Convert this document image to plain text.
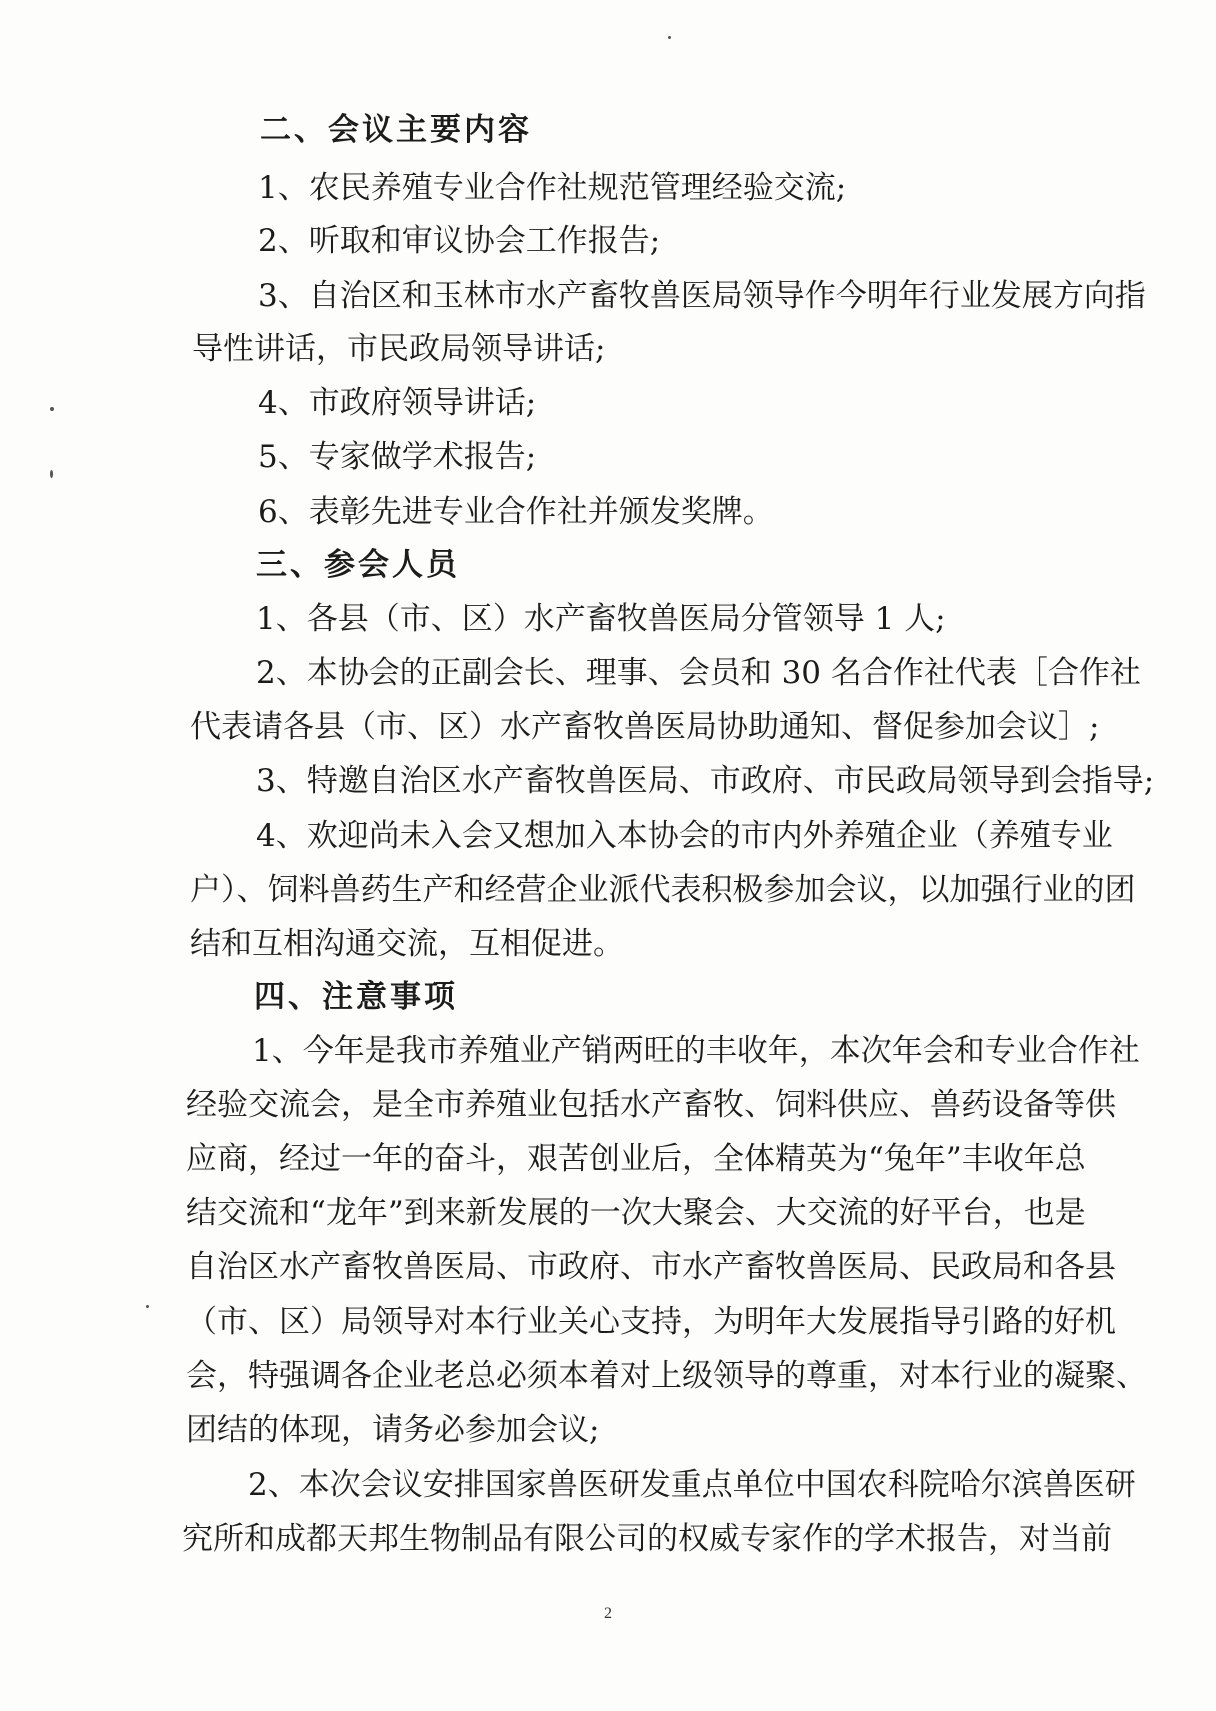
二、会议主要内容
1、农民养殖专业合作社规范管理经验交流;
2、听取和审议协会工作报告;
3、自治区和玉林市水产畜牧兽医局领导作今明年行业发展方向指
导性讲话，市民政局领导讲话;
4、市政府领导讲话;
5、专家做学术报告;
6、表彰先进专业合作社并颁发奖牌。
三、参会人员
1、各县（市、区）水产畜牧兽医局分管领导 1 人;
2、本协会的正副会长、理事、会员和 30 名合作社代表［合作社
代表请各县（市、区）水产畜牧兽医局协助通知、督促参加会议］;
3、特邀自治区水产畜牧兽医局、市政府、市民政局领导到会指导;
4、欢迎尚未入会又想加入本协会的市内外养殖企业（养殖专业
户）、饲料兽药生产和经营企业派代表积极参加会议，以加强行业的团
结和互相沟通交流，互相促进。
四、注意事项
1、今年是我市养殖业产销两旺的丰收年，本次年会和专业合作社
经验交流会，是全市养殖业包括水产畜牧、饲料供应、兽药设备等供
应商，经过一年的奋斗，艰苦创业后，全体精英为“兔年”丰收年总
结交流和“龙年”到来新发展的一次大聚会、大交流的好平台，也是
自治区水产畜牧兽医局、市政府、市水产畜牧兽医局、民政局和各县
（市、区）局领导对本行业关心支持，为明年大发展指导引路的好机
会，特强调各企业老总必须本着对上级领导的尊重，对本行业的凝聚、
团结的体现，请务必参加会议;
2、本次会议安排国家兽医研发重点单位中国农科院哈尔滨兽医研
究所和成都天邦生物制品有限公司的权威专家作的学术报告，对当前
2
